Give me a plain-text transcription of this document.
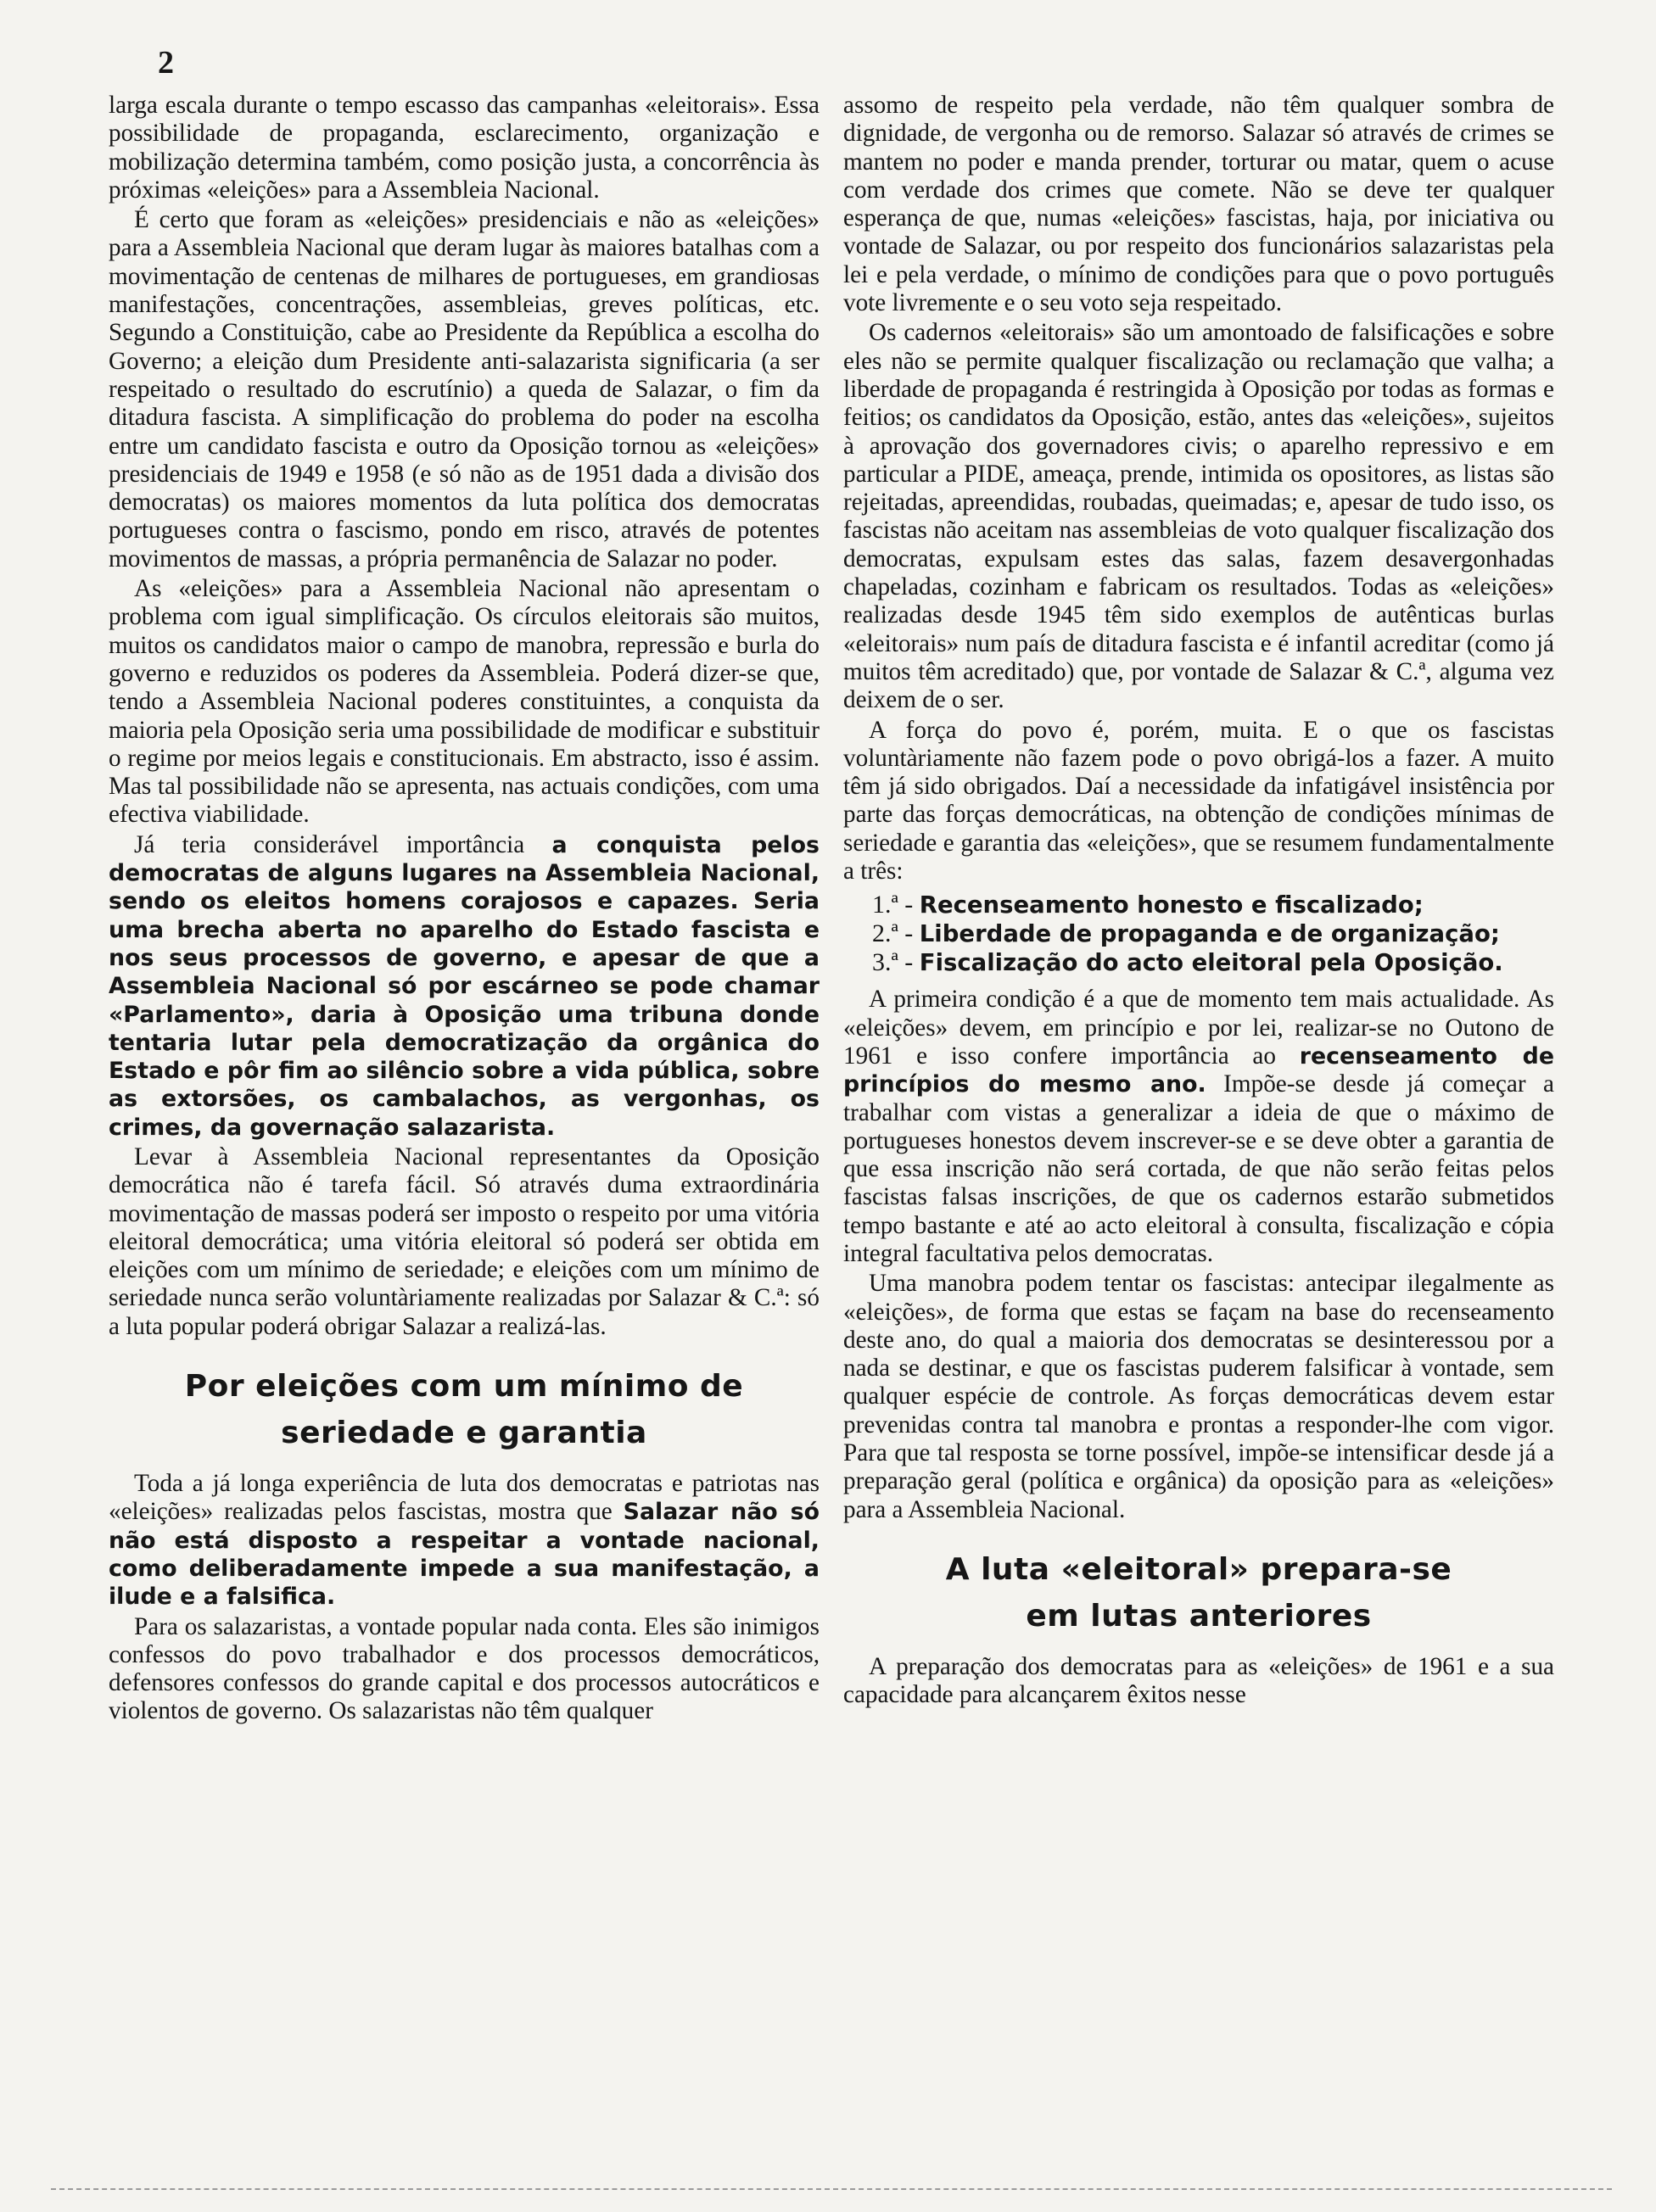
2

larga escala durante o tempo escasso das campanhas «eleitorais». Essa possibilidade de propaganda, esclarecimento, organização e mobilização determina também, como posição justa, a concorrência às próximas «eleições» para a Assembleia Nacional.

É certo que foram as «eleições» presidenciais e não as «eleições» para a Assembleia Nacional que deram lugar às maiores batalhas com a movimentação de centenas de milhares de portugueses, em grandiosas manifestações, concentrações, assembleias, greves políticas, etc. Segundo a Constituição, cabe ao Presidente da República a escolha do Governo; a eleição dum Presidente anti-salazarista significaria (a ser respeitado o resultado do escrutínio) a queda de Salazar, o fim da ditadura fascista. A simplificação do problema do poder na escolha entre um candidato fascista e outro da Oposição tornou as «eleições» presidenciais de 1949 e 1958 (e só não as de 1951 dada a divisão dos democratas) os maiores momentos da luta política dos democratas portugueses contra o fascismo, pondo em risco, através de potentes movimentos de massas, a própria permanência de Salazar no poder.

As «eleições» para a Assembleia Nacional não apresentam o problema com igual simplificação. Os círculos eleitorais são muitos, muitos os candidatos maior o campo de manobra, repressão e burla do governo e reduzidos os poderes da Assembleia. Poderá dizer-se que, tendo a Assembleia Nacional poderes constituintes, a conquista da maioria pela Oposição seria uma possibilidade de modificar e substituir o regime por meios legais e constitucionais. Em abstracto, isso é assim. Mas tal possibilidade não se apresenta, nas actuais condições, com uma efectiva viabilidade.

Já teria considerável importância a conquista pelos democratas de alguns lugares na Assembleia Nacional, sendo os eleitos homens corajosos e capazes. Seria uma brecha aberta no aparelho do Estado fascista e nos seus processos de governo, e apesar de que a Assembleia Nacional só por escárneo se pode chamar «Parlamento», daria à Oposição uma tribuna donde tentaria lutar pela democratização da orgânica do Estado e pôr fim ao silêncio sobre a vida pública, sobre as extorsões, os cambalachos, as vergonhas, os crimes, da governação salazarista.

Levar à Assembleia Nacional representantes da Oposição democrática não é tarefa fácil. Só através duma extraordinária movimentação de massas poderá ser imposto o respeito por uma vitória eleitoral democrática; uma vitória eleitoral só poderá ser obtida em eleições com um mínimo de seriedade; e eleições com um mínimo de seriedade nunca serão voluntàriamente realizadas por Salazar & C.ª: só a luta popular poderá obrigar Salazar a realizá-las.

Por eleições com um mínimo de
seriedade e garantia

Toda a já longa experiência de luta dos democratas e patriotas nas «eleições» realizadas pelos fascistas, mostra que Salazar não só não está disposto a respeitar a vontade nacional, como deliberadamente impede a sua manifestação, a ilude e a falsifica.

Para os salazaristas, a vontade popular nada conta. Eles são inimigos confessos do povo trabalhador e dos processos democráticos, defensores confessos do grande capital e dos processos autocráticos e violentos de governo. Os salazaristas não têm qualquer

assomo de respeito pela verdade, não têm qualquer sombra de dignidade, de vergonha ou de remorso. Salazar só através de crimes se mantem no poder e manda prender, torturar ou matar, quem o acuse com verdade dos crimes que comete. Não se deve ter qualquer esperança de que, numas «eleições» fascistas, haja, por iniciativa ou vontade de Salazar, ou por respeito dos funcionários salazaristas pela lei e pela verdade, o mínimo de condições para que o povo português vote livremente e o seu voto seja respeitado.

Os cadernos «eleitorais» são um amontoado de falsificações e sobre eles não se permite qualquer fiscalização ou reclamação que valha; a liberdade de propaganda é restringida à Oposição por todas as formas e feitios; os candidatos da Oposição, estão, antes das «eleições», sujeitos à aprovação dos governadores civis; o aparelho repressivo e em particular a PIDE, ameaça, prende, intimida os opositores, as listas são rejeitadas, apreendidas, roubadas, queimadas; e, apesar de tudo isso, os fascistas não aceitam nas assembleias de voto qualquer fiscalização dos democratas, expulsam estes das salas, fazem desavergonhadas chapeladas, cozinham e fabricam os resultados. Todas as «eleições» realizadas desde 1945 têm sido exemplos de autênticas burlas «eleitorais» num país de ditadura fascista e é infantil acreditar (como já muitos têm acreditado) que, por vontade de Salazar & C.ª, alguma vez deixem de o ser.

A força do povo é, porém, muita. E o que os fascistas voluntàriamente não fazem pode o povo obrigá-los a fazer. A muito têm já sido obrigados. Daí a necessidade da infatigável insistência por parte das forças democráticas, na obtenção de condições mínimas de seriedade e garantia das «eleições», que se resumem fundamentalmente a três:

1.ª - Recenseamento honesto e fiscalizado;
2.ª - Liberdade de propaganda e de organização;
3.ª - Fiscalização do acto eleitoral pela Oposição.

A primeira condição é a que de momento tem mais actualidade. As «eleições» devem, em princípio e por lei, realizar-se no Outono de 1961 e isso confere importância ao recenseamento de princípios do mesmo ano. Impõe-se desde já começar a trabalhar com vistas a generalizar a ideia de que o máximo de portugueses honestos devem inscrever-se e se deve obter a garantia de que essa inscrição não será cortada, de que não serão feitas pelos fascistas falsas inscrições, de que os cadernos estarão submetidos tempo bastante e até ao acto eleitoral à consulta, fiscalização e cópia integral facultativa pelos democratas.

Uma manobra podem tentar os fascistas: antecipar ilegalmente as «eleições», de forma que estas se façam na base do recenseamento deste ano, do qual a maioria dos democratas se desinteressou por a nada se destinar, e que os fascistas puderem falsificar à vontade, sem qualquer espécie de controle. As forças democráticas devem estar prevenidas contra tal manobra e prontas a responder-lhe com vigor. Para que tal resposta se torne possível, impõe-se intensificar desde já a preparação geral (política e orgânica) da oposição para as «eleições» para a Assembleia Nacional.

A luta «eleitoral» prepara-se
em lutas anteriores

A preparação dos democratas para as «eleições» de 1961 e a sua capacidade para alcançarem êxitos nesse
